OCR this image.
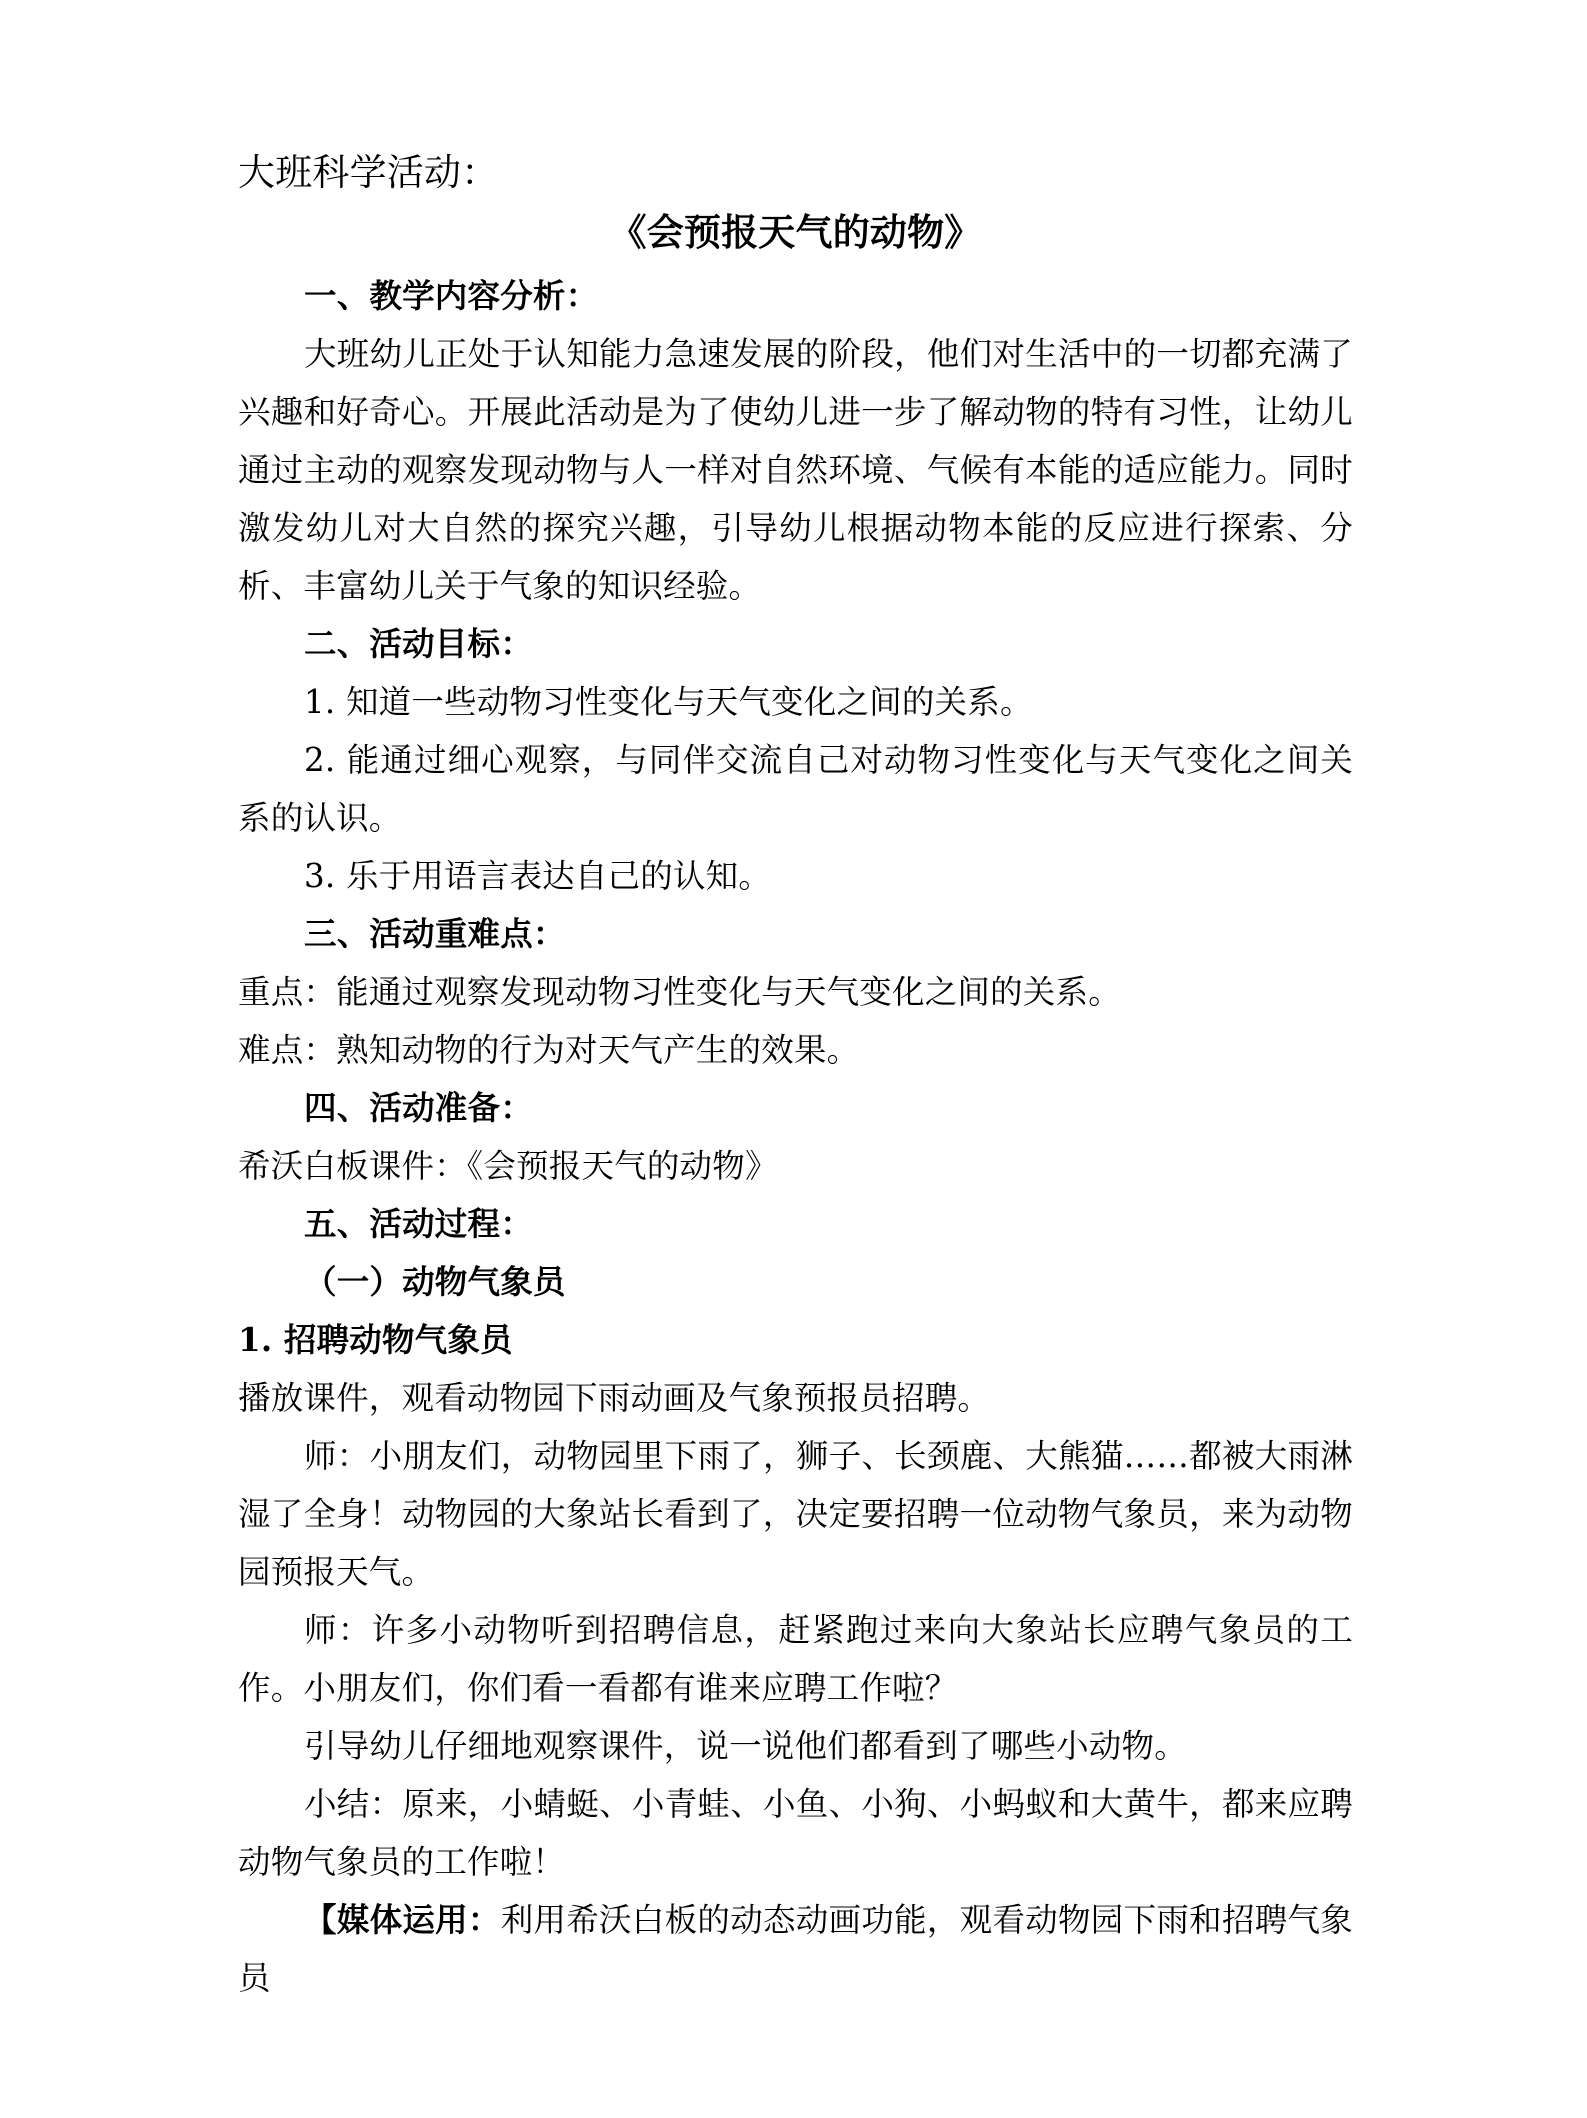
大班科学活动：
《会预报天气的动物》
一、教学内容分析：
大班幼儿正处于认知能力急速发展的阶段，他们对生活中的一切都充满了兴趣和好奇心。开展此活动是为了使幼儿进一步了解动物的特有习性，让幼儿通过主动的观察发现动物与人一样对自然环境、气候有本能的适应能力。同时激发幼儿对大自然的探究兴趣，引导幼儿根据动物本能的反应进行探索、分析、丰富幼儿关于气象的知识经验。
二、活动目标：
1. 知道一些动物习性变化与天气变化之间的关系。
2. 能通过细心观察，与同伴交流自己对动物习性变化与天气变化之间关系的认识。
3. 乐于用语言表达自己的认知。
三、活动重难点：
重点：能通过观察发现动物习性变化与天气变化之间的关系。
难点：熟知动物的行为对天气产生的效果。
四、活动准备：
希沃白板课件：《会预报天气的动物》
五、活动过程：
（一）动物气象员
1. 招聘动物气象员
播放课件，观看动物园下雨动画及气象预报员招聘。
师：小朋友们，动物园里下雨了，狮子、长颈鹿、大熊猫……都被大雨淋湿了全身！动物园的大象站长看到了，决定要招聘一位动物气象员，来为动物园预报天气。
师：许多小动物听到招聘信息，赶紧跑过来向大象站长应聘气象员的工作。小朋友们，你们看一看都有谁来应聘工作啦？
引导幼儿仔细地观察课件，说一说他们都看到了哪些小动物。
小结：原来，小蜻蜓、小青蛙、小鱼、小狗、小蚂蚁和大黄牛，都来应聘动物气象员的工作啦！
【媒体运用：利用希沃白板的动态动画功能，观看动物园下雨和招聘气象员
